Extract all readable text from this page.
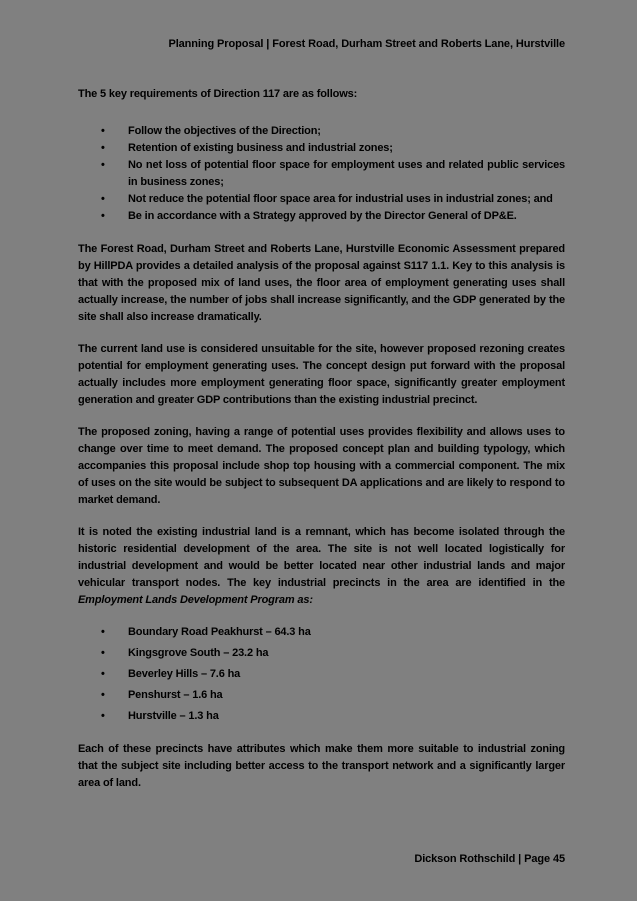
Planning Proposal | Forest Road, Durham Street and Roberts Lane, Hurstville

The 5 key requirements of Direction 117 are as follows:

• Follow the objectives of the Direction;
• Retention of existing business and industrial zones;
• No net loss of potential floor space for employment uses and related public services in business zones;
• Not reduce the potential floor space area for industrial uses in industrial zones; and
• Be in accordance with a Strategy approved by the Director General of DP&E.

The Forest Road, Durham Street and Roberts Lane, Hurstville Economic Assessment prepared by HillPDA provides a detailed analysis of the proposal against S117 1.1. Key to this analysis is that with the proposed mix of land uses, the floor area of employment generating uses shall actually increase, the number of jobs shall increase significantly, and the GDP generated by the site shall also increase dramatically.

The current land use is considered unsuitable for the site, however proposed rezoning creates potential for employment generating uses. The concept design put forward with the proposal actually includes more employment generating floor space, significantly greater employment generation and greater GDP contributions than the existing industrial precinct.

The proposed zoning, having a range of potential uses provides flexibility and allows uses to change over time to meet demand. The proposed concept plan and building typology, which accompanies this proposal include shop top housing with a commercial component. The mix of uses on the site would be subject to subsequent DA applications and are likely to respond to market demand.

It is noted the existing industrial land is a remnant, which has become isolated through the historic residential development of the area. The site is not well located logistically for industrial development and would be better located near other industrial lands and major vehicular transport nodes. The key industrial precincts in the area are identified in the Employment Lands Development Program as:

• Boundary Road Peakhurst – 64.3 ha
• Kingsgrove South – 23.2 ha
• Beverley Hills – 7.6 ha
• Penshurst – 1.6 ha
• Hurstville – 1.3 ha

Each of these precincts have attributes which make them more suitable to industrial zoning that the subject site including better access to the transport network and a significantly larger area of land.

Dickson Rothschild | Page 45
